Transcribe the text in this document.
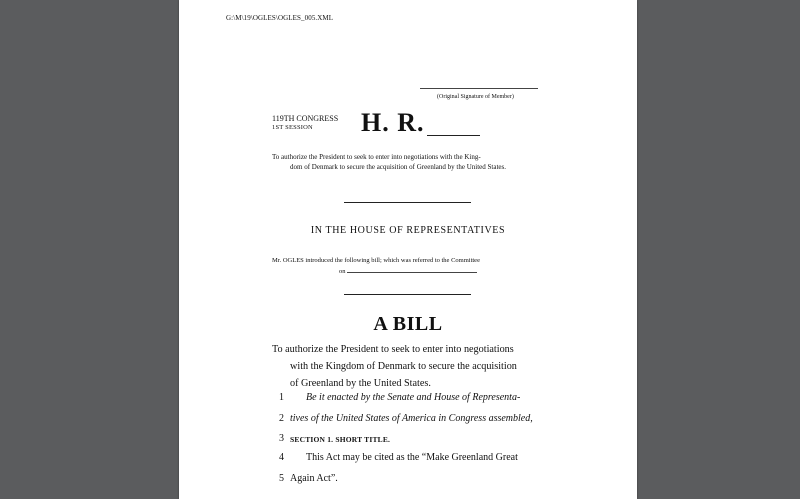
G:\M\19\OGLES\OGLES_005.XML
(Original Signature of Member)
119TH CONGRESS
1ST SESSION	H. R.
To authorize the President to seek to enter into negotiations with the King-
dom of Denmark to secure the acquisition of Greenland by the United States.
IN THE HOUSE OF REPRESENTATIVES
Mr. OGLES introduced the following bill; which was referred to the Committee
on
A BILL
To authorize the President to seek to enter into negotiations
with the Kingdom of Denmark to secure the acquisition
of Greenland by the United States.
1 Be it enacted by the Senate and House of Representa-
2 tives of the United States of America in Congress assembled,
3 SECTION 1. SHORT TITLE.
4 This Act may be cited as the “Make Greenland Great
5 Again Act”.
